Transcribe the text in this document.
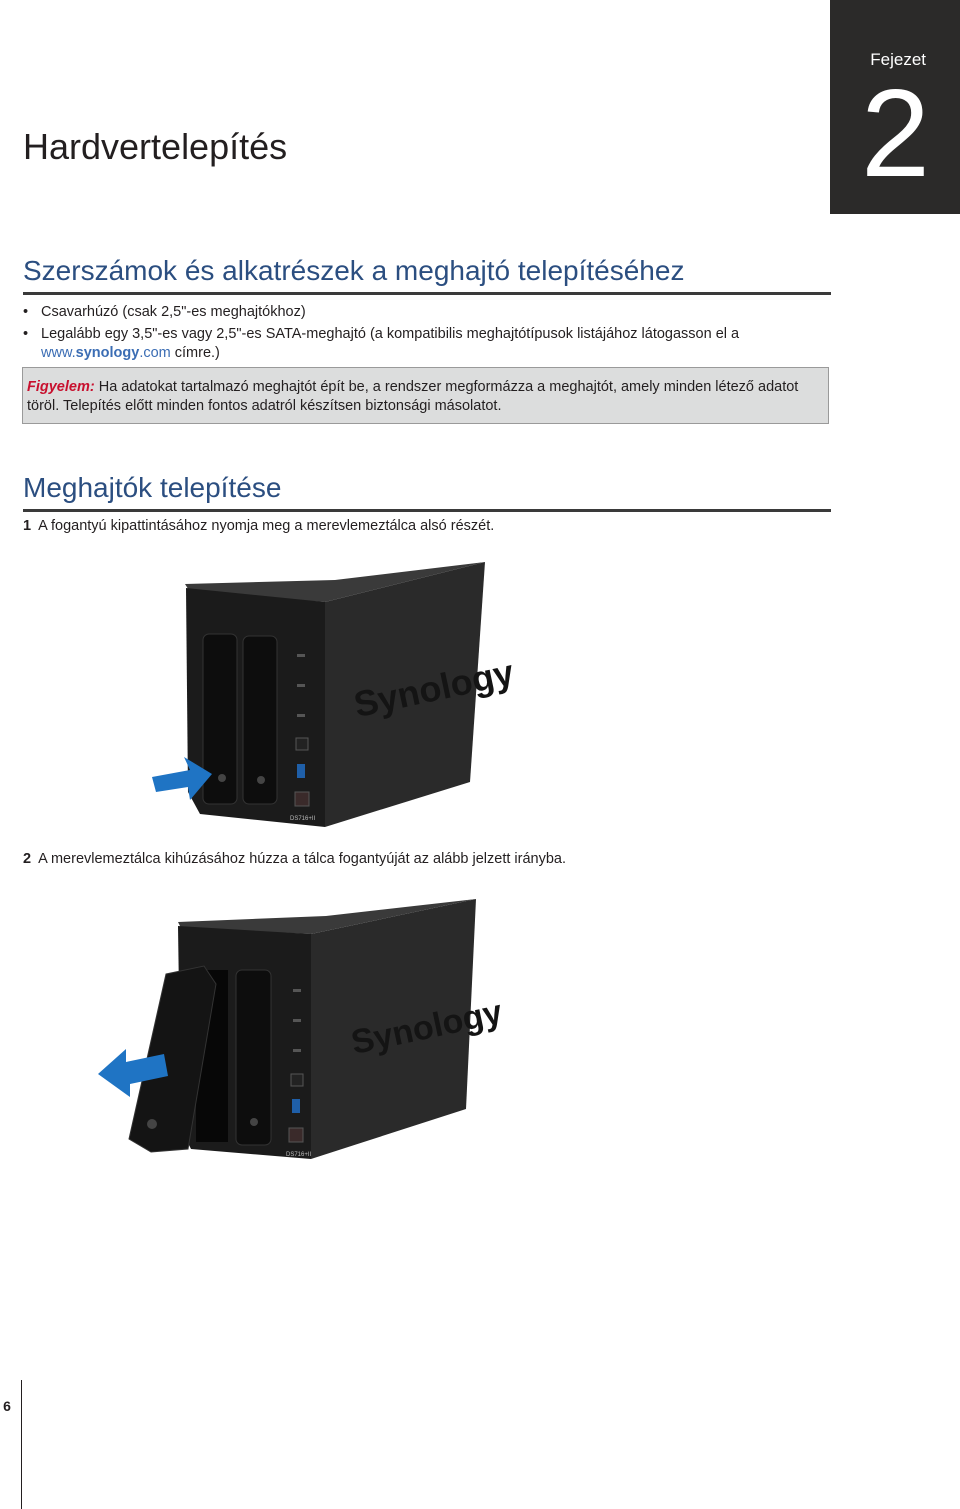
Fejezet
2
Hardvertelepítés
Szerszámok és alkatrészek a meghajtó telepítéséhez
• Csavarhúzó (csak 2,5"-es meghajtókhoz)
• Legalább egy 3,5"-es vagy 2,5"-es SATA-meghajtó (a kompatibilis meghajtótípusok listájához látogasson el a www.synology.com címre.)
Figyelem: Ha adatokat tartalmazó meghajtót épít be, a rendszer megformázza a meghajtót, amely minden létező adatot töröl. Telepítés előtt minden fontos adatról készítsen biztonsági másolatot.
Meghajtók telepítése
1 A fogantyú kipattintásához nyomja meg a merevlemeztálca alsó részét.
Synology
DS716+II
2 A merevlemeztálca kihúzásához húzza a tálca fogantyúját az alább jelzett irányba.
Synology
DS716+II
6
